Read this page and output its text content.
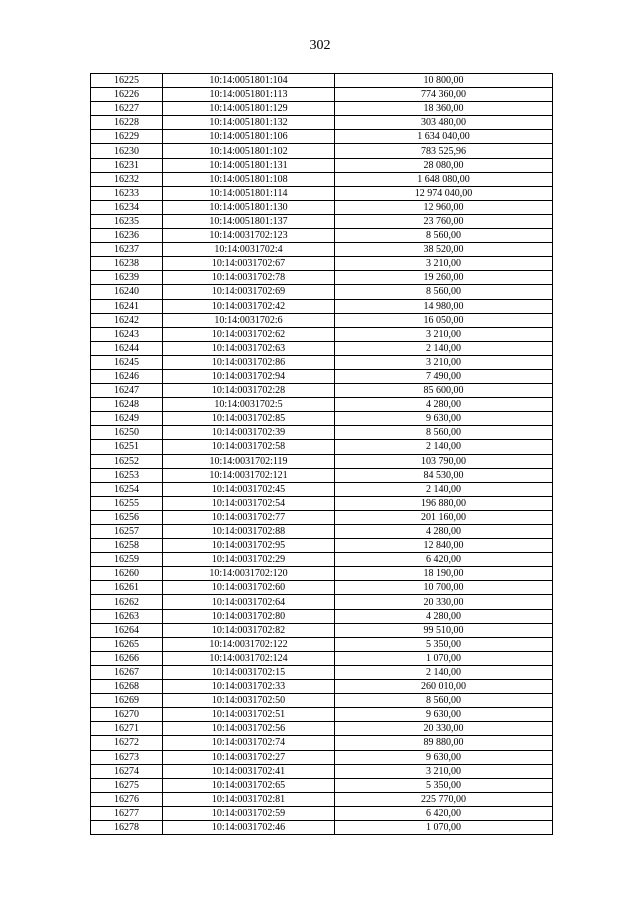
302
16225	10:14:0051801:104	10 800,00
16226	10:14:0051801:113	774 360,00
16227	10:14:0051801:129	18 360,00
16228	10:14:0051801:132	303 480,00
16229	10:14:0051801:106	1 634 040,00
16230	10:14:0051801:102	783 525,96
16231	10:14:0051801:131	28 080,00
16232	10:14:0051801:108	1 648 080,00
16233	10:14:0051801:114	12 974 040,00
16234	10:14:0051801:130	12 960,00
16235	10:14:0051801:137	23 760,00
16236	10:14:0031702:123	8 560,00
16237	10:14:0031702:4	38 520,00
16238	10:14:0031702:67	3 210,00
16239	10:14:0031702:78	19 260,00
16240	10:14:0031702:69	8 560,00
16241	10:14:0031702:42	14 980,00
16242	10:14:0031702:6	16 050,00
16243	10:14:0031702:62	3 210,00
16244	10:14:0031702:63	2 140,00
16245	10:14:0031702:86	3 210,00
16246	10:14:0031702:94	7 490,00
16247	10:14:0031702:28	85 600,00
16248	10:14:0031702:5	4 280,00
16249	10:14:0031702:85	9 630,00
16250	10:14:0031702:39	8 560,00
16251	10:14:0031702:58	2 140,00
16252	10:14:0031702:119	103 790,00
16253	10:14:0031702:121	84 530,00
16254	10:14:0031702:45	2 140,00
16255	10:14:0031702:54	196 880,00
16256	10:14:0031702:77	201 160,00
16257	10:14:0031702:88	4 280,00
16258	10:14:0031702:95	12 840,00
16259	10:14:0031702:29	6 420,00
16260	10:14:0031702:120	18 190,00
16261	10:14:0031702:60	10 700,00
16262	10:14:0031702:64	20 330,00
16263	10:14:0031702:80	4 280,00
16264	10:14:0031702:82	99 510,00
16265	10:14:0031702:122	5 350,00
16266	10:14:0031702:124	1 070,00
16267	10:14:0031702:15	2 140,00
16268	10:14:0031702:33	260 010,00
16269	10:14:0031702:50	8 560,00
16270	10:14:0031702:51	9 630,00
16271	10:14:0031702:56	20 330,00
16272	10:14:0031702:74	89 880,00
16273	10:14:0031702:27	9 630,00
16274	10:14:0031702:41	3 210,00
16275	10:14:0031702:65	5 350,00
16276	10:14:0031702:81	225 770,00
16277	10:14:0031702:59	6 420,00
16278	10:14:0031702:46	1 070,00
